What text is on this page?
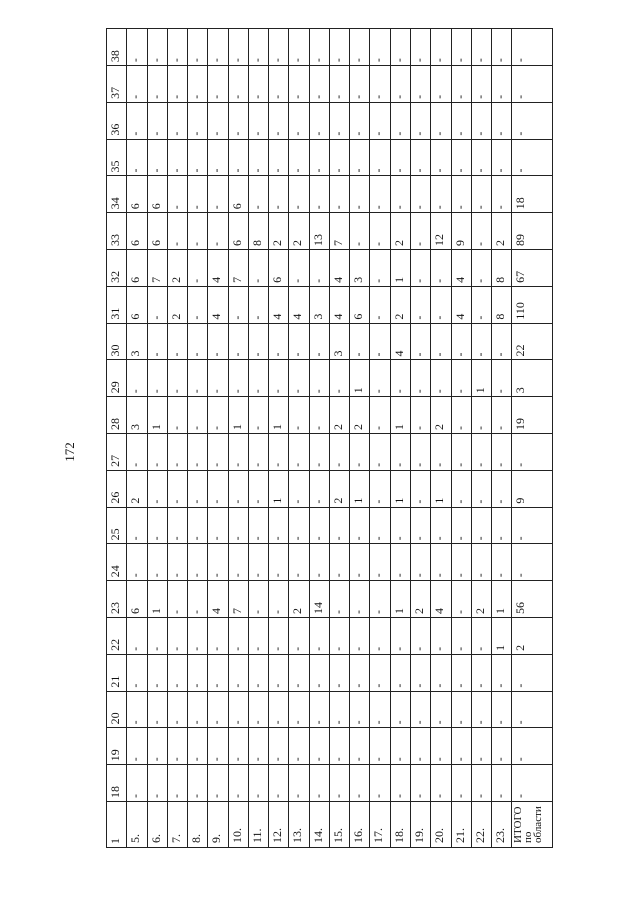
172
1	18	19	20	21	22	23	24	25	26	27	28	29	30	31	32	33	34	35	36	37	38

5.	-	-	-	-	-	6	-	-	2	-	3	-	3	6	6	6	6	-	-	-	-

6.	-	-	-	-	-	1	-	-	-	-	1	-	-	-	7	6	6	-	-	-	-

7.	-	-	-	-	-	-	-	-	-	-	-	-	-	2	2	-	-	-	-	-	-

8.	-	-	-	-	-	-	-	-	-	-	-	-	-	-	-	-	-	-	-	-	-

9.	-	-	-	-	-	4	-	-	-	-	-	-	-	4	4	-	-	-	-	-	-

10.	-	-	-	-	-	7	-	-	-	-	1	-	-	-	7	6	6	-	-	-	-

11.	-	-	-	-	-	-	-	-	-	-	-	-	-	-	-	8	-	-	-	-	-

12.	-	-	-	-	-	-	-	-	1	-	1	-	-	4	6	2	-	-	-	-	-

13.	-	-	-	-	-	2	-	-	-	-	-	-	-	4	-	2	-	-	-	-	-

14.	-	-	-	-	-	14	-	-	-	-	-	-	-	3	-	13	-	-	-	-	-

15.	-	-	-	-	-	-	-	-	2	-	2	-	3	4	4	7	-	-	-	-	-

16.	-	-	-	-	-	-	-	-	1	-	2	1	-	6	3	-	-	-	-	-	-

17.	-	-	-	-	-	-	-	-	-	-	-	-	-	-	-	-	-	-	-	-	-

18.	-	-	-	-	-	1	-	-	1	-	1	-	4	2	1	2	-	-	-	-	-

19.	-	-	-	-	-	2	-	-	-	-	-	-	-	-	-	-	-	-	-	-	-

20.	-	-	-	-	-	4	-	-	1	-	2	-	-	-	-	12	-	-	-	-	-

21.	-	-	-	-	-	-	-	-	-	-	-	-	-	4	4	9	-	-	-	-	-

22.	-	-	-	-	-	2	-	-	-	-	-	1	-	-	-	-	-	-	-	-	-

23.	-	-	-	-	1	1	-	-	-	-	-	-	-	8	8	2	-	-	-	-	-

ИТОГО по области	-	-	-	-	2	56	-	-	9	-	19	3	22	110	67	89	18	-	-	-	-
